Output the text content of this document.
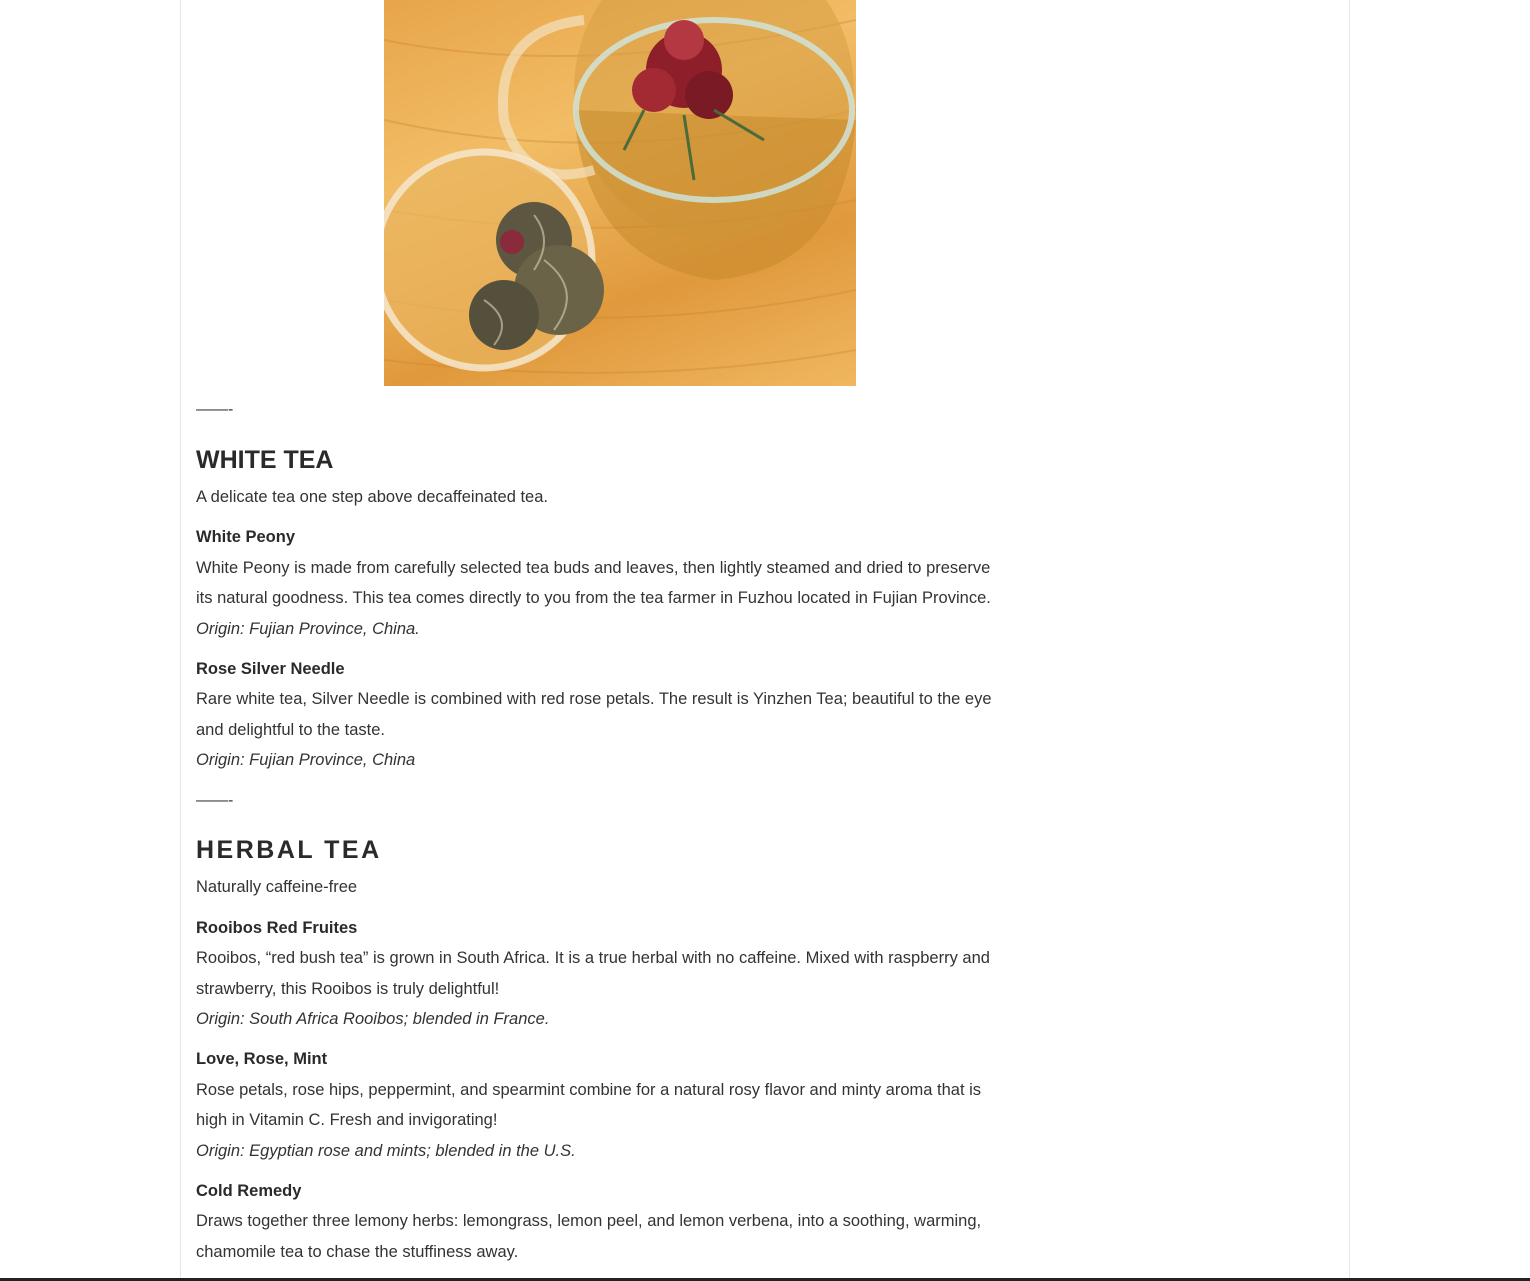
——-
WHITE TEA
A delicate tea one step above decaffeinated tea.
White Peony
White Peony is made from carefully selected tea buds and leaves, then lightly steamed and dried to preserve
its natural goodness. This tea comes directly to you from the tea farmer in Fuzhou located in Fujian Province.
Origin: Fujian Province, China.
Rose Silver Needle
Rare white tea, Silver Needle is combined with red rose petals. The result is Yinzhen Tea; beautiful to the eye
and delightful to the taste.
Origin: Fujian Province, China
——-
HERBAL TEA
Naturally caffeine-free
Rooibos Red Fruites
Rooibos, “red bush tea” is grown in South Africa. It is a true herbal with no caffeine. Mixed with raspberry and
strawberry, this Rooibos is truly delightful!
Origin: South Africa Rooibos; blended in France.
Love, Rose, Mint
Rose petals, rose hips, peppermint, and spearmint combine for a natural rosy flavor and minty aroma that is
high in Vitamin C. Fresh and invigorating!
Origin: Egyptian rose and mints; blended in the U.S.
Cold Remedy
Draws together three lemony herbs: lemongrass, lemon peel, and lemon verbena, into a soothing, warming,
chamomile tea to chase the stuffiness away.
